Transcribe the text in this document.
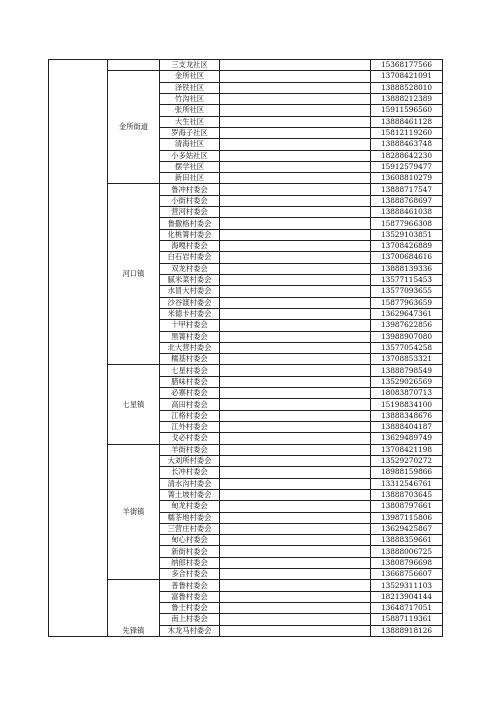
		三支龙社区		15368177566
	金所街道	金所社区		13708421091
		泽铁社区		13888528010
		竹沟社区		13888212389
		张所社区		15911596560
		大生社区		13888461128
		罗海子社区		15812119260
		清海社区		13888463748
		小多姑社区		18288642230
		摆学社区		15912579477
		新田社区		13608810279
	河口镇	鲁冲村委会		13888717547
		小街村委会		13888768697
		营河村委会		13888461038
		鲁撒格村委会		15877966308
		化桃箐村委会		13529103851
		海嘎村委会		13708426889
		白石岩村委会		13700684616
		双龙村委会		13888139336
		腻米菜村委会		13577115453
		水冒大村委会		13577093655
		沙谷渡村委会		15877963659
		米德卡村委会		13629647361
		十甲村委会		13987622856
		黑箐村委会		13988907080
		北大营村委会		13577054258
		糯基村委会		13708853321
	七星镇	七星村委会		13888798549
		腊味村委会		13529026569
		必寨村委会		18083870713
		高田村委会		15198834100
		江格村委会		13888348676
		江外村委会		13888404187
		戈必村委会		13629489749
	羊街镇	羊街村委会		13708421198
		大刘所村委会		13529270272
		长冲村委会		18988159866
		清水沟村委会		13312546761
		箐土坡村委会		13888703645
		甸龙村委会		13808797661
		糯茶地村委会		13987115806
		三营庄村委会		13629425867
		甸心村委会		13888359661
		新街村委会		13888006725
		纳郎村委会		13808796698
		多合村委会		13668756607
	先锋镇	普鲁村委会		13529311103
		富鲁村委会		18213904144
		鲁土村委会		13648717051
		南上村委会		15887119361
		木龙马村委会		13888918126
